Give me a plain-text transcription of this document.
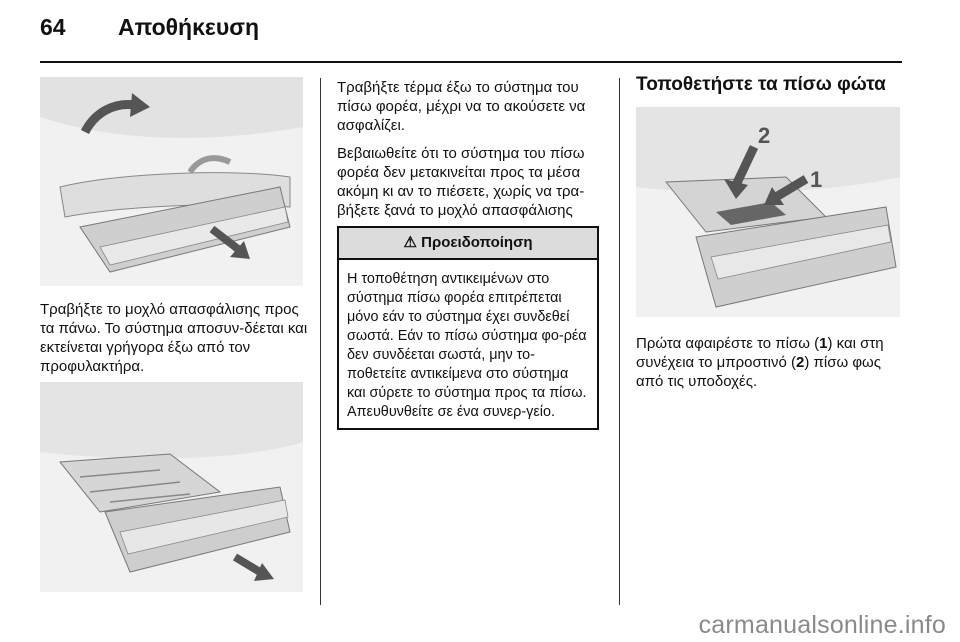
64 Αποθήκευση

Τραβήξτε το μοχλό απασφάλισης προς τα πάνω. Το σύστημα αποσυν-δέεται και εκτείνεται γρήγορα έξω από τον προφυλακτήρα.

Τραβήξτε τέρμα έξω το σύστημα του πίσω φορέα, μέχρι να το ακούσετε να ασφαλίζει.

Βεβαιωθείτε ότι το σύστημα του πίσω φορέα δεν μετακινείται προς τα μέσα ακόμη κι αν το πιέσετε, χωρίς να τρα-βήξετε ξανά το μοχλό απασφάλισης

⚠ Προειδοποίηση
Η τοποθέτηση αντικειμένων στο σύστημα πίσω φορέα επιτρέπεται μόνο εάν το σύστημα έχει συνδεθεί σωστά. Εάν το πίσω σύστημα φο-ρέα δεν συνδέεται σωστά, μην το-ποθετείτε αντικείμενα στο σύστημα και σύρετε το σύστημα προς τα πίσω. Απευθυνθείτε σε ένα συνερ-γείο.
Τοποθετήστε τα πίσω φώτα
2
1

Πρώτα αφαιρέστε το πίσω (1) και στη συνέχεια το μπροστινό (2) πίσω φως από τις υποδοχές.

carmanualsonline.info
